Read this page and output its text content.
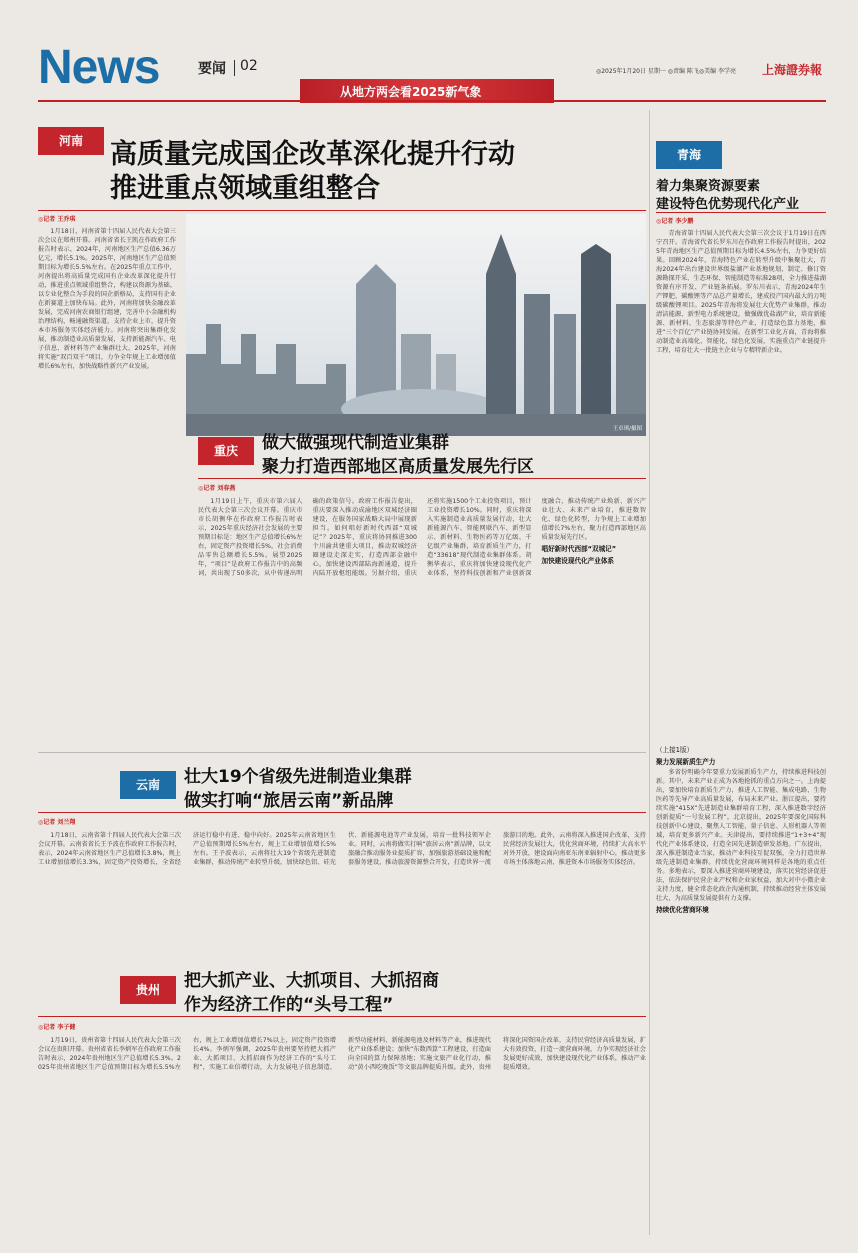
News	要闻 02	◎2025年1月20日 星期一 ◎责编 陈飞◎美编 李学亮 上海證券報
从地方两会看2025新气象
河南	高质量完成国企改革深化提升行动
推进重点领域重组整合
◎记者 王乔琪

1月18日，河南省第十四届人民代表大会第三次会议在郑州开幕。河南省省长王凯在作政府工作报告时表示，2024年，河南地区生产总值6.36万亿元，增长5.1%。2025年，河南地区生产总值预期目标为增长5.5%左右。在2025年重点工作中，河南提出将高质量完成国有企业改革深化提升行动，推进重点领域重组整合，构建以资源为基础、以专业化整合为手段的国企新格局，支持国有企业在新赛道上加快布局。此外，河南将加快金融改革发展，完成河南农商银行组建，完善中小金融机构治理结构，畅通融资渠道，支持企业上市，提升资本市场服务实体经济能力。河南将突出集群化发展，推动制造业高质量发展，支持新能源汽车、电子信息、新材料等产业集群壮大。2025年，河南将实施“双百双千”项目，力争全年规上工业增加值增长6%左右，加快战略性新兴产业发展。

王卓琪/摄图
青海
着力集聚资源要素
建设特色优势现代化产业
◎记者 李少鹏

青海省第十四届人民代表大会第三次会议于1月19日在西宁召开。青海省代省长罗东川在作政府工作报告时提出，2025年青海地区生产总值预期目标为增长4.5%左右，力争更好结果。回顾2024年，青海特色产业在转型升级中集聚壮大，青海2024年出台建设世界级盐湖产业基地规划，制定、修订资源勘探开采、生态环保、智能制造等标准28项，全力推进盐湖资源有序开发、产业链条拓展。罗东川表示，青海2024年生产钾肥、碳酸锂等产品总产量增长，建成投产国内最大的万吨级碳酸锂项目。2025年青海将发展壮大优势产业集群，推动清洁能源、新型电力系统建设，做强做优盐湖产业，培育新能源、新材料、生态旅游等特色产业，打造绿色算力基地，推进“三个百亿”产业链协同发展。在新型工业化方面，青海将推动制造业高端化、智能化、绿色化发展，实施重点产业链提升工程，培育壮大一批链主企业与专精特新企业。

重庆	做大做强现代制造业集群
聚力打造西部地区高质量发展先行区
◎记者 刘春燕

1月19日上午，重庆市第六届人民代表大会第三次会议开幕。重庆市市长胡衡华在作政府工作报告时表示，2025年重庆经济社会发展的主要预期目标是：地区生产总值增长6%左右，固定资产投资增长5%，社会消费品零售总额增长5.5%。展望2025年，“项目”是政府工作报告中的高频词，共出现了50多次，从中传递出明确的政策信号。政府工作报告提出，重庆要深入推动成渝地区双城经济圈建设，在服务国家战略大局中展现新担当。如何唱好新时代西部“双城记”？2025年，重庆将协同推进300个川渝共建重大项目，推动双城经济圈建设走深走实，打造西部金融中心，加快建设西部陆海新通道，提升内陆开放枢纽能级。另据介绍，重庆还将实施1500个工业投资项目，预计工业投资增长10%。同时，重庆将深入实施制造业高质量发展行动，壮大新能源汽车、智能网联汽车、新型显示、新材料、生物医药等万亿级、千亿级产业集群，培育新质生产力，打造“33618”现代制造业集群体系。胡衡华表示，重庆将加快建设现代化产业体系，坚持科技创新和产业创新深度融合，推动传统产业焕新、新兴产业壮大、未来产业培育，推进数智化、绿色化转型，力争规上工业增加值增长7%左右，聚力打造西部地区高质量发展先行区。

唱好新时代西部“双城记”
加快建设现代化产业体系
云南	壮大19个省级先进制造业集群
做实打响“旅居云南”新品牌
◎记者 刘兰翔

1月18日，云南省第十四届人民代表大会第三次会议开幕。云南省省长王予波在作政府工作报告时，表示，2024年云南省地区生产总值增长3.8%，规上工业增加值增长3.3%，固定资产投资增长，全省经济运行稳中有进、稳中向好。2025年云南省地区生产总值预期增长5%左右，规上工业增加值增长5%左右。王予波表示，云南将壮大19个省级先进制造业集群，推动传统产业转型升级，加快绿色铝、硅光伏、新能源电池等产业发展，培育一批科技领军企业。同时，云南将做实打响“旅居云南”新品牌，以文旅融合推动服务业提质扩容，加强旅游基础设施和配套服务建设，推动旅游资源整合开发，打造世界一流旅游目的地。此外，云南将深入推进国企改革，支持民营经济发展壮大，优化营商环境，持续扩大高水平对外开放，建设面向南亚东南亚辐射中心，推动更多市场主体落地云南，推进资本市场服务实体经济。

贵州	把大抓产业、大抓项目、大抓招商
作为经济工作的“头号工程”
◎记者 李子健

1月19日，贵州省第十四届人民代表大会第三次会议在贵阳开幕。贵州省省长李炳军在作政府工作报告时表示，2024年贵州地区生产总值增长5.3%。2025年贵州省地区生产总值预期目标为增长5.5%左右，规上工业增加值增长7%以上，固定资产投资增长4%。李炳军强调，2025年贵州要坚持把大抓产业、大抓项目、大抓招商作为经济工作的“头号工程”，实施工业倍增行动，大力发展电子信息制造、新型功能材料、新能源电池及材料等产业，推进现代化产业体系建设；加快“东数西算”工程建设，打造面向全国的算力保障基地；实施文旅产业化行动，推动“黄小西吃晚饭”等文旅品牌提质升级。此外，贵州将深化国资国企改革，支持民营经济高质量发展，扩大有效投资，打造一流营商环境，力争实现经济社会发展更好成效，加快建设现代化产业体系，推动产业提质增效。

（上接1版）
聚力发展新质生产力

多省份明确今年要重力发展新质生产力，持续推进科技创新。其中，未来产业正成为各地抢抓的重点方向之一。上海提出，要加快培育新质生产力，推进人工智能、集成电路、生物医药等先导产业高质量发展，布局未来产业。浙江提出，要持续实施“415X”先进制造业集群培育工程，深入推进数字经济创新提质“一号发展工程”。北京提出，2025年要深化国际科技创新中心建设，聚焦人工智能、量子信息、人形机器人等领域，培育更多新兴产业。天津提出，要持续推进“1+3+4”现代化产业体系建设，打造全国先进制造研发基地。广东提出，深入推进制造业当家，推动产业科技互促双强，全力打造世界级先进制造业集群。持续优化营商环境同样是各地的重点任务。多地表示，要深入推进营商环境建设，落实民营经济促进法，依法保护民营企业产权和企业家权益，加大对中小微企业支持力度，健全常态化政企沟通机制，持续推动经营主体发展壮大，为高质量发展提供有力支撑。

持续优化营商环境
